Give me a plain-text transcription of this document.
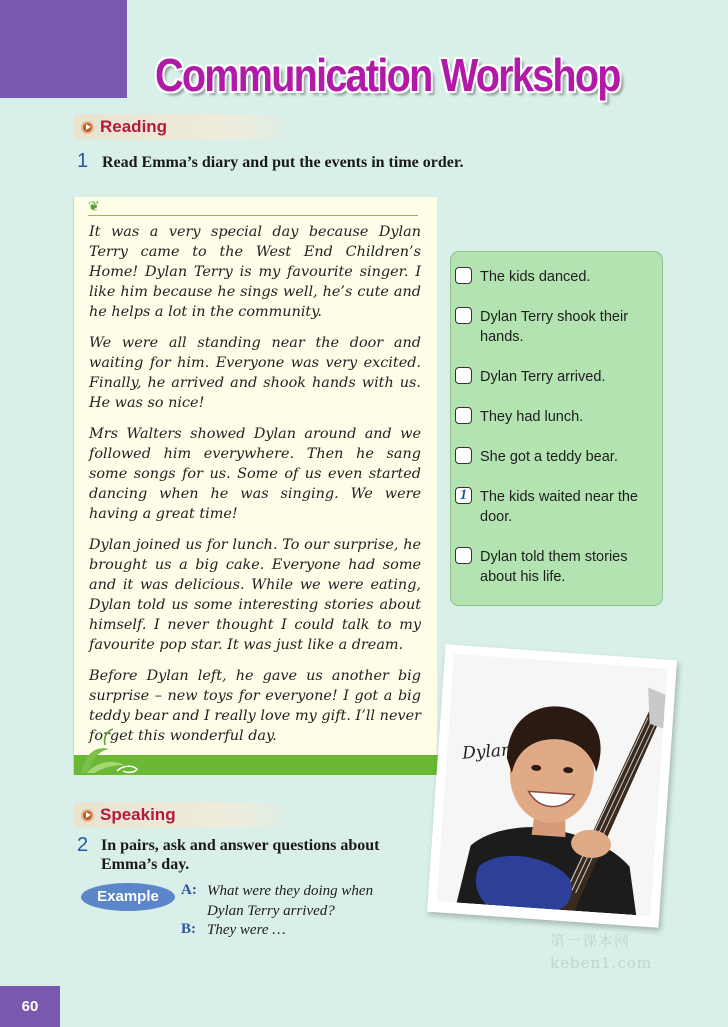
Communication Workshop
Reading
1 Read Emma’s diary and put the events in time order.
❦

It was a very special day because Dylan Terry came to the West End Children’s Home! Dylan Terry is my favourite singer. I like him because he sings well, he’s cute and he helps a lot in the community.

We were all standing near the door and waiting for him. Everyone was very excited. Finally, he arrived and shook hands with us. He was so nice!

Mrs Walters showed Dylan around and we followed him everywhere. Then he sang some songs for us. Some of us even started dancing when he was singing. We were having a great time!

Dylan joined us for lunch. To our surprise, he brought us a big cake. Everyone had some and it was delicious. While we were eating, Dylan told us some interesting stories about himself. I never thought I could talk to my favourite pop star. It was just like a dream.

Before Dylan left, he gave us another big surprise – new toys for everyone! I got a big teddy bear and I really love my gift. I’ll never forget this wonderful day.

The kids danced.
Dylan Terry shook their hands.
Dylan Terry arrived.
They had lunch.
She got a teddy bear.
1 The kids waited near the door.
Dylan told them stories about his life.
Dylan
Speaking
2 In pairs, ask and answer questions about Emma’s day.
Example	A: What were they doing when Dylan Terry arrived?
B: They were …
第一课本网
keben1.com
60
